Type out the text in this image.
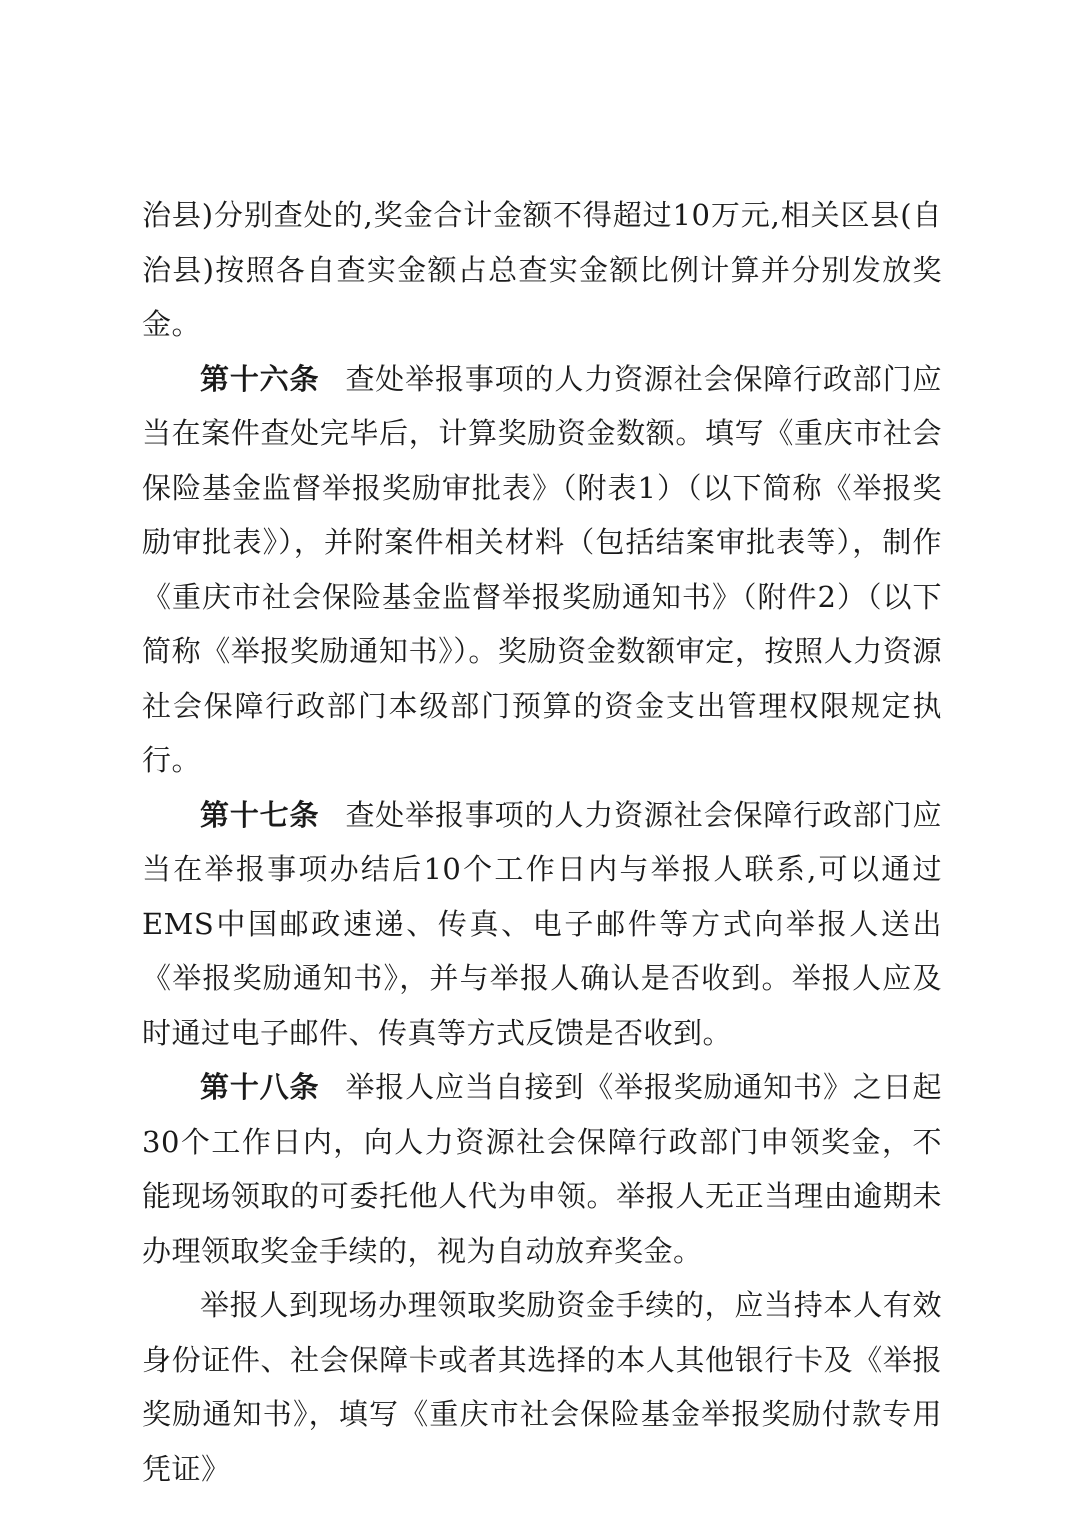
治县)分别查处的,奖金合计金额不得超过10万元,相关区县(自治县)按照各自查实金额占总查实金额比例计算并分别发放奖金。

第十六条 查处举报事项的人力资源社会保障行政部门应当在案件查处完毕后，计算奖励资金数额。填写《重庆市社会保险基金监督举报奖励审批表》（附表1）（以下简称《举报奖励审批表》），并附案件相关材料（包括结案审批表等），制作《重庆市社会保险基金监督举报奖励通知书》（附件2）（以下简称《举报奖励通知书》）。奖励资金数额审定，按照人力资源社会保障行政部门本级部门预算的资金支出管理权限规定执行。

第十七条 查处举报事项的人力资源社会保障行政部门应当在举报事项办结后10个工作日内与举报人联系,可以通过EMS中国邮政速递、传真、电子邮件等方式向举报人送出《举报奖励通知书》，并与举报人确认是否收到。举报人应及时通过电子邮件、传真等方式反馈是否收到。

第十八条 举报人应当自接到《举报奖励通知书》之日起30个工作日内，向人力资源社会保障行政部门申领奖金，不能现场领取的可委托他人代为申领。举报人无正当理由逾期未办理领取奖金手续的，视为自动放弃奖金。

举报人到现场办理领取奖励资金手续的，应当持本人有效身份证件、社会保障卡或者其选择的本人其他银行卡及《举报奖励通知书》，填写《重庆市社会保险基金举报奖励付款专用凭证》
